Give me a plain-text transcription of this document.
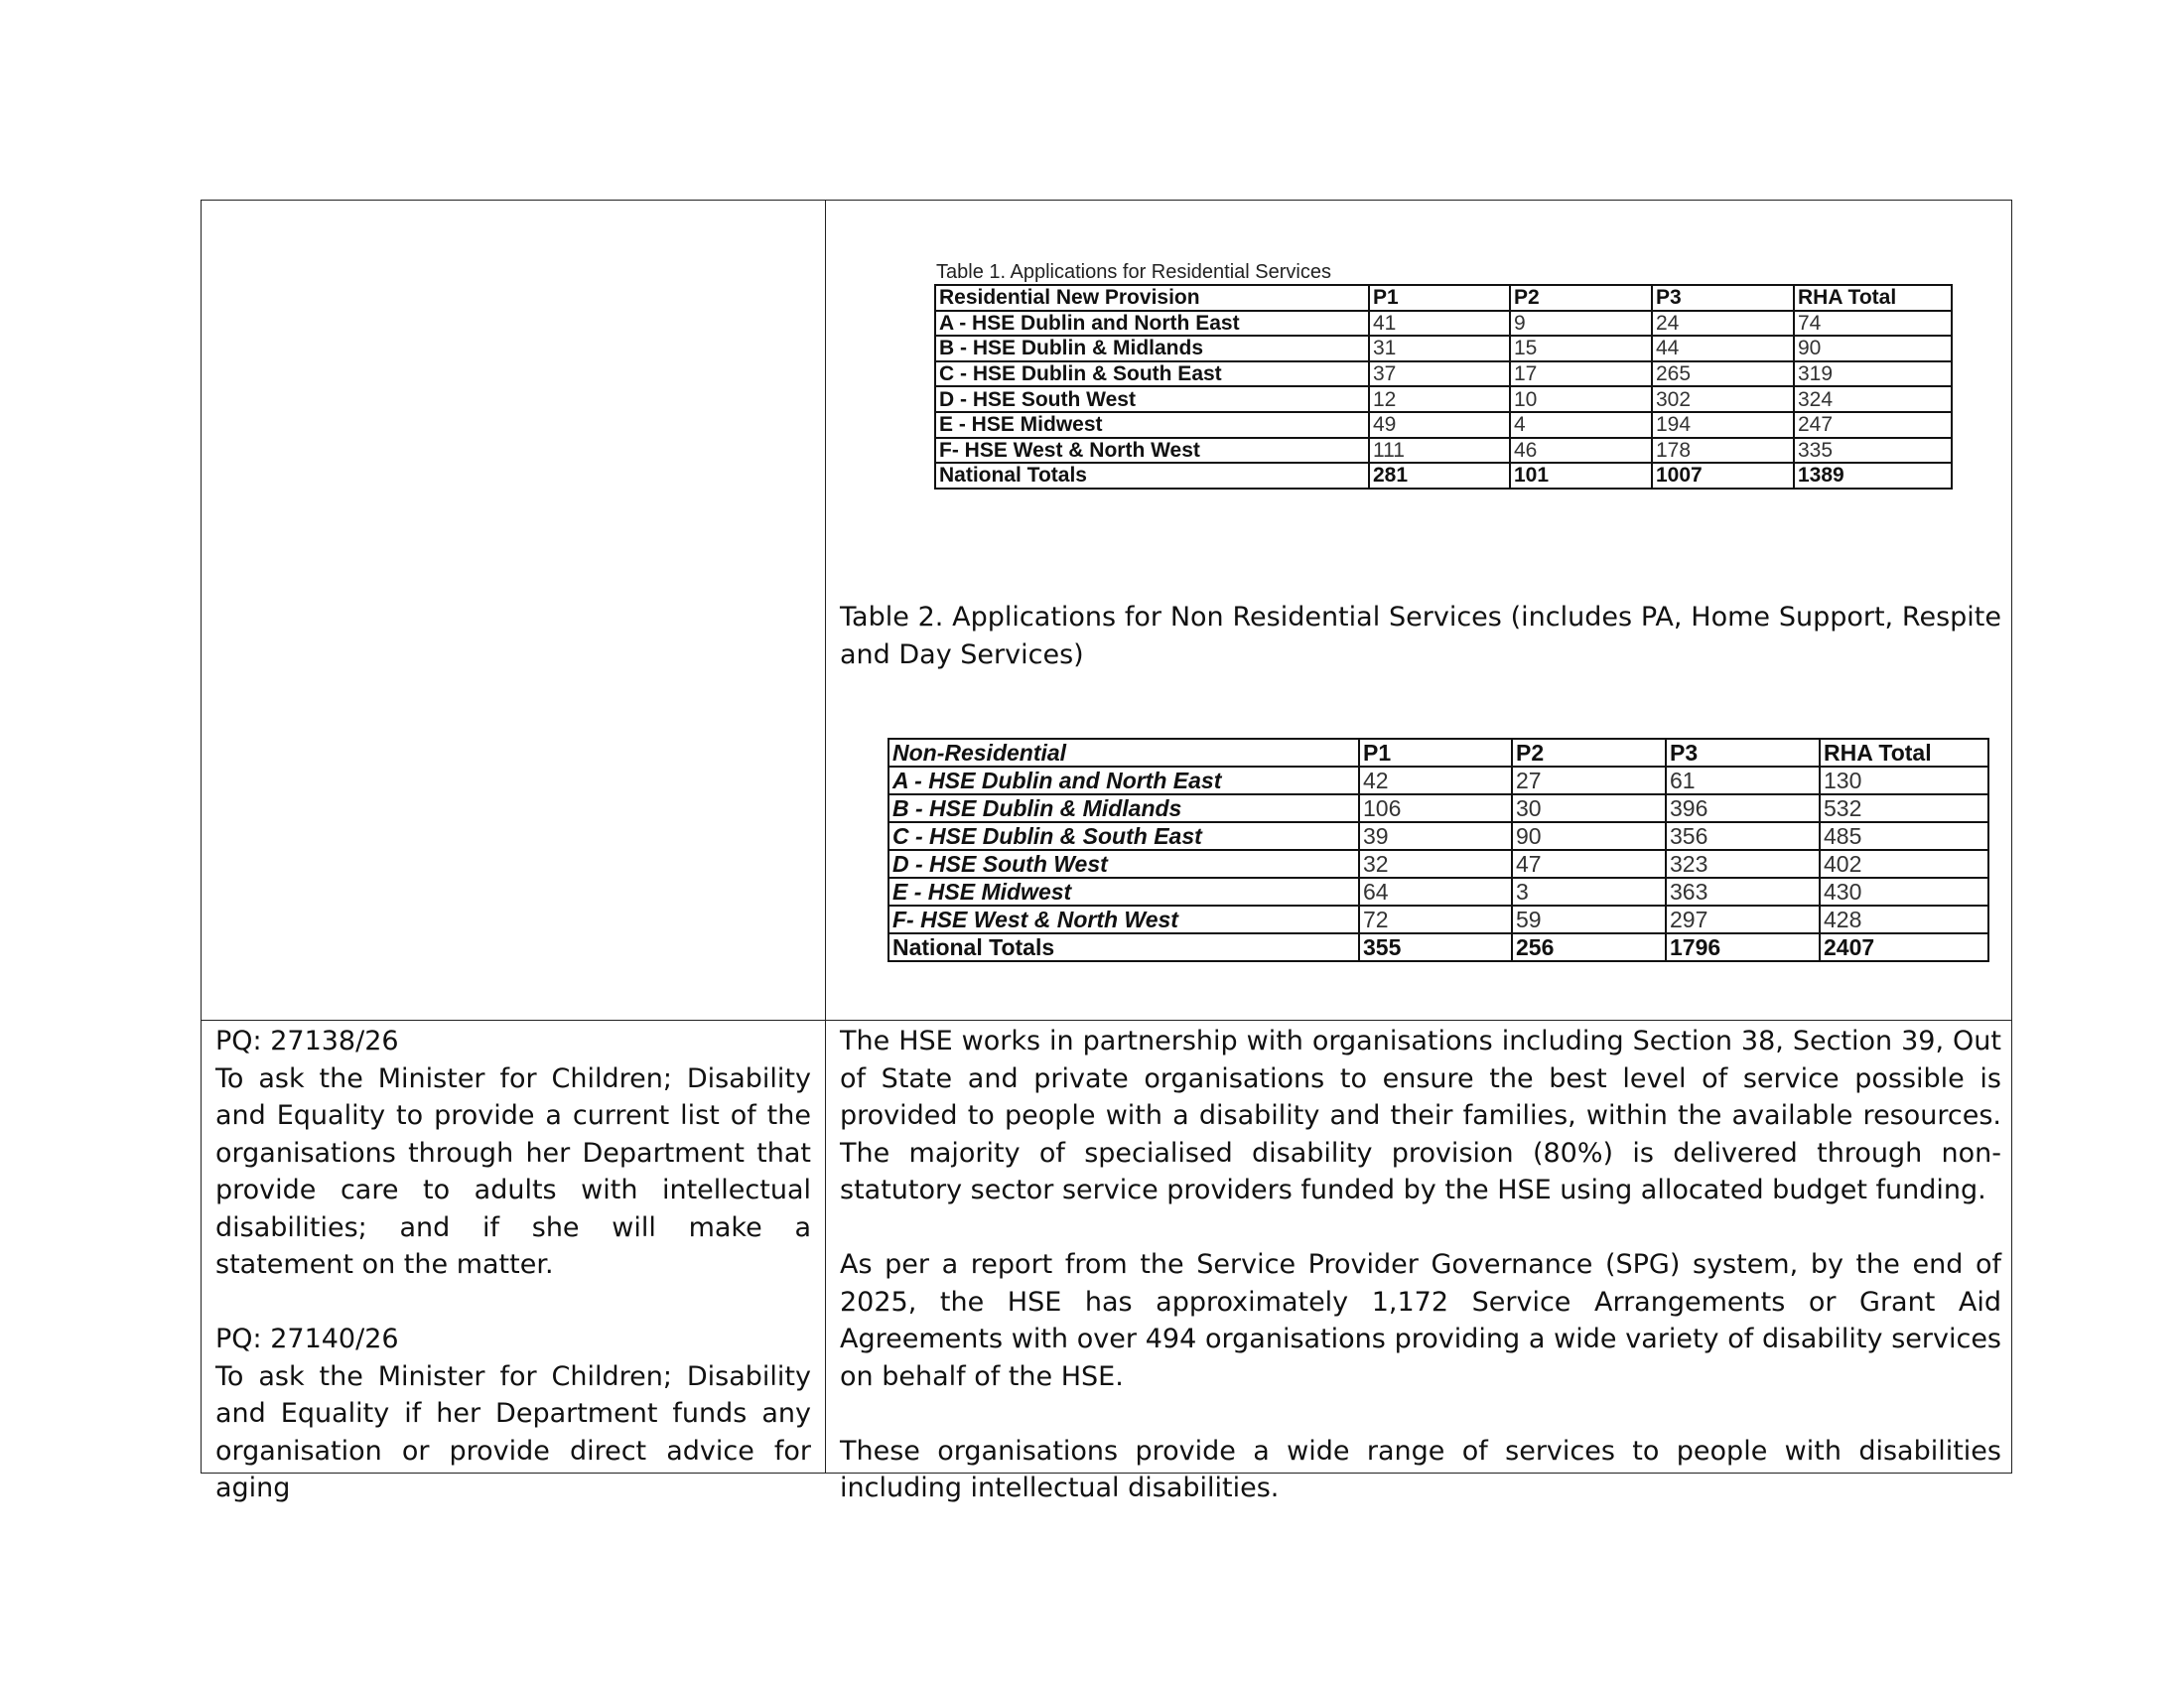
Table 1. Applications for Residential Services
Residential New Provision	P1	P2	P3	RHA Total
A - HSE Dublin and North East	41	9	24	74
B - HSE Dublin & Midlands	31	15	44	90
C - HSE Dublin & South East	37	17	265	319
D - HSE South West	12	10	302	324
E - HSE Midwest	49	4	194	247
F- HSE West & North West	111	46	178	335
National Totals	281	101	1007	1389
Table 2. Applications for Non Residential Services (includes PA, Home Support, Respite and Day Services)
Non-Residential	P1	P2	P3	RHA Total
A - HSE Dublin and North East	42	27	61	130
B - HSE Dublin & Midlands	106	30	396	532
C - HSE Dublin & South East	39	90	356	485
D - HSE South West	32	47	323	402
E - HSE Midwest	64	3	363	430
F- HSE West & North West	72	59	297	428
National Totals	355	256	1796	2407

PQ: 27138/26

To ask the Minister for Children; Disability and Equality to provide a current list of the organisations through her Department that provide care to adults with intellectual disabilities; and if she will make a statement on the matter.

PQ: 27140/26

To ask the Minister for Children; Disability and Equality if her Department funds any organisation or provide direct advice for aging

The HSE works in partnership with organisations including Section 38, Section 39, Out of State and private organisations to ensure the best level of service possible is provided to people with a disability and their families, within the available resources. The majority of specialised disability provision (80%) is delivered through non-statutory sector service providers funded by the HSE using allocated budget funding.

As per a report from the Service Provider Governance (SPG) system, by the end of 2025, the HSE has approximately 1,172 Service Arrangements or Grant Aid Agreements with over 494 organisations providing a wide variety of disability services on behalf of the HSE.

These organisations provide a wide range of services to people with disabilities including intellectual disabilities.
